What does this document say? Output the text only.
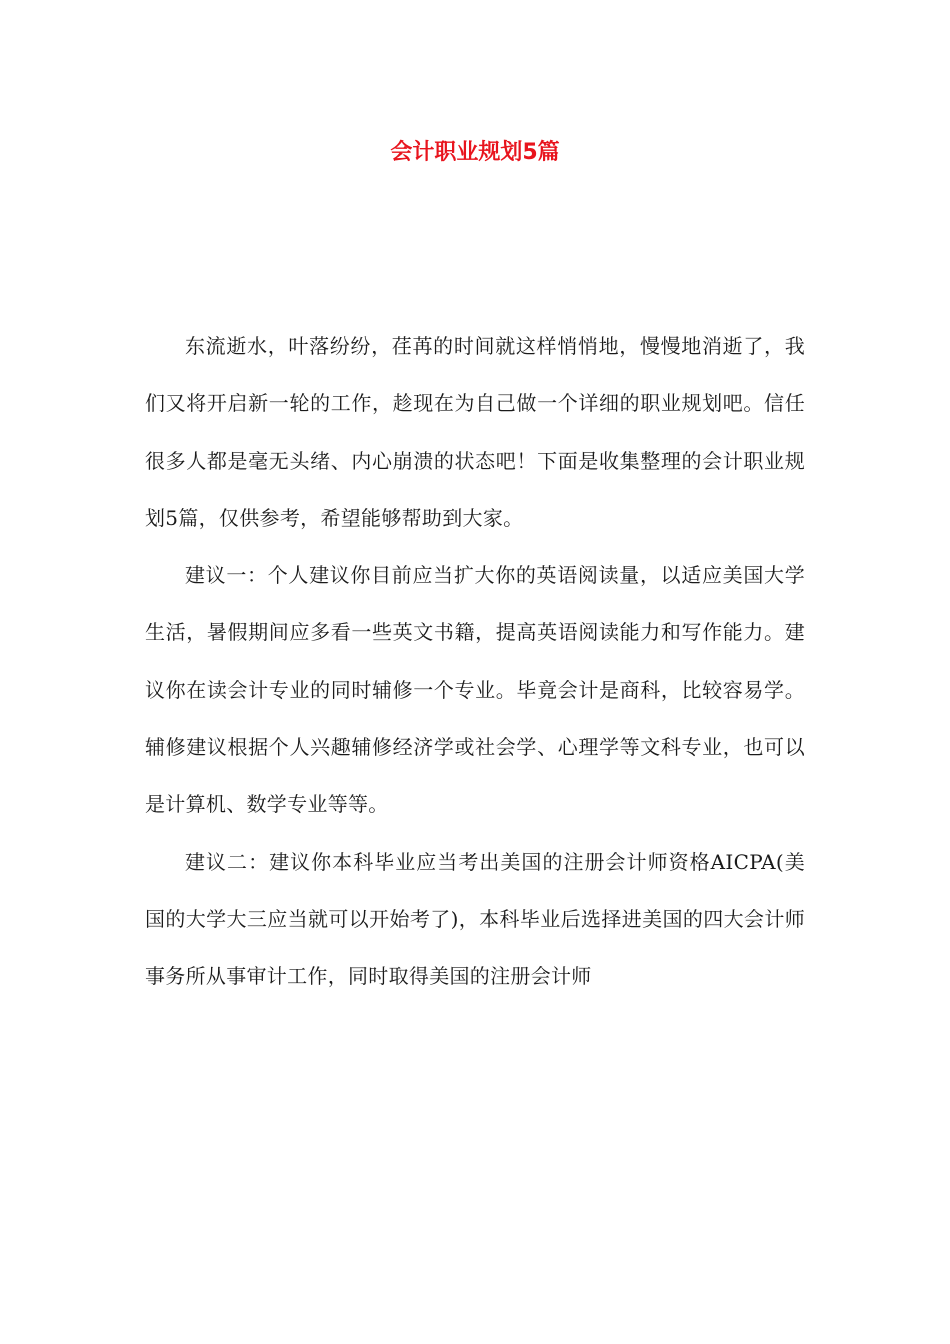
会计职业规划5篇

东流逝水，叶落纷纷，荏苒的时间就这样悄悄地，慢慢地消逝了，我们又将开启新一轮的工作，趁现在为自己做一个详细的职业规划吧。信任很多人都是毫无头绪、内心崩溃的状态吧！下面是收集整理的会计职业规划5篇，仅供参考，希望能够帮助到大家。

建议一：个人建议你目前应当扩大你的英语阅读量，以适应美国大学生活，暑假期间应多看一些英文书籍，提高英语阅读能力和写作能力。建议你在读会计专业的同时辅修一个专业。毕竟会计是商科，比较容易学。辅修建议根据个人兴趣辅修经济学或社会学、心理学等文科专业，也可以是计算机、数学专业等等。

建议二：建议你本科毕业应当考出美国的注册会计师资格AICPA(美国的大学大三应当就可以开始考了)，本科毕业后选择进美国的四大会计师事务所从事审计工作，同时取得美国的注册会计师
